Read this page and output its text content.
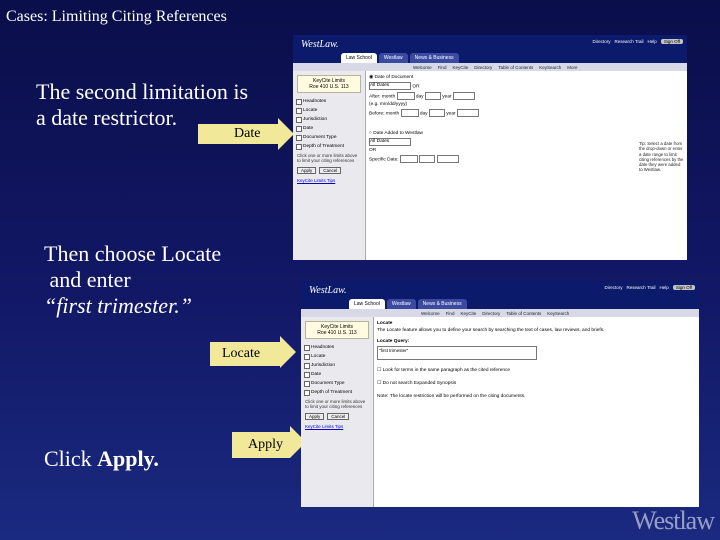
Cases: Limiting Citing References
The second limitation is
a date restrictor.
Then choose Locate
and enter
“first trimester.”
Click Apply.
Date
Locate
Apply
WestLaw.
Law School	Westlaw	News & Business
Directory Research Trail Help	Sign Off
Welcome Find KeyCite Directory Table of Contents KeySearch More
KeyCite Limits
Roe 410 U.S. 113
Headnotes
Locate
Jurisdiction
Date
Document Type
Depth of Treatment
Click one or more limits above to limit your citing references
Apply	Cancel
KeyCite Limits Tips
◉ Date of Document
All Dates	OR
After: month	day	year
(e.g. mm/dd/yyyy)
Before: month	day	year
○ Date Added to Westlaw
All Dates
OR
Specific Date:
Tip: Select a date from the drop-down or enter a date range to limit citing references by the date they were added to Westlaw.
WestLaw.
Law School	Westlaw	News & Business
Directory Research Trail Help	Sign Off
Welcome Find KeyCite Directory Table of Contents KeySearch
KeyCite Limits
Roe 410 U.S. 113
Headnotes
Locate
Jurisdiction
Date
Document Type
Depth of Treatment
Click one or more limits above to limit your citing references
Apply	Cancel
KeyCite Limits Tips
Locate
The Locate feature allows you to define your search by searching the text of cases, law reviews, and briefs.
Locate Query:
"first trimester"
☐ Look for terms in the same paragraph as the cited reference
☐ Do not search Expanded Synopsis
Note: The locate restriction will be performed on the citing documents.
Westlaw
